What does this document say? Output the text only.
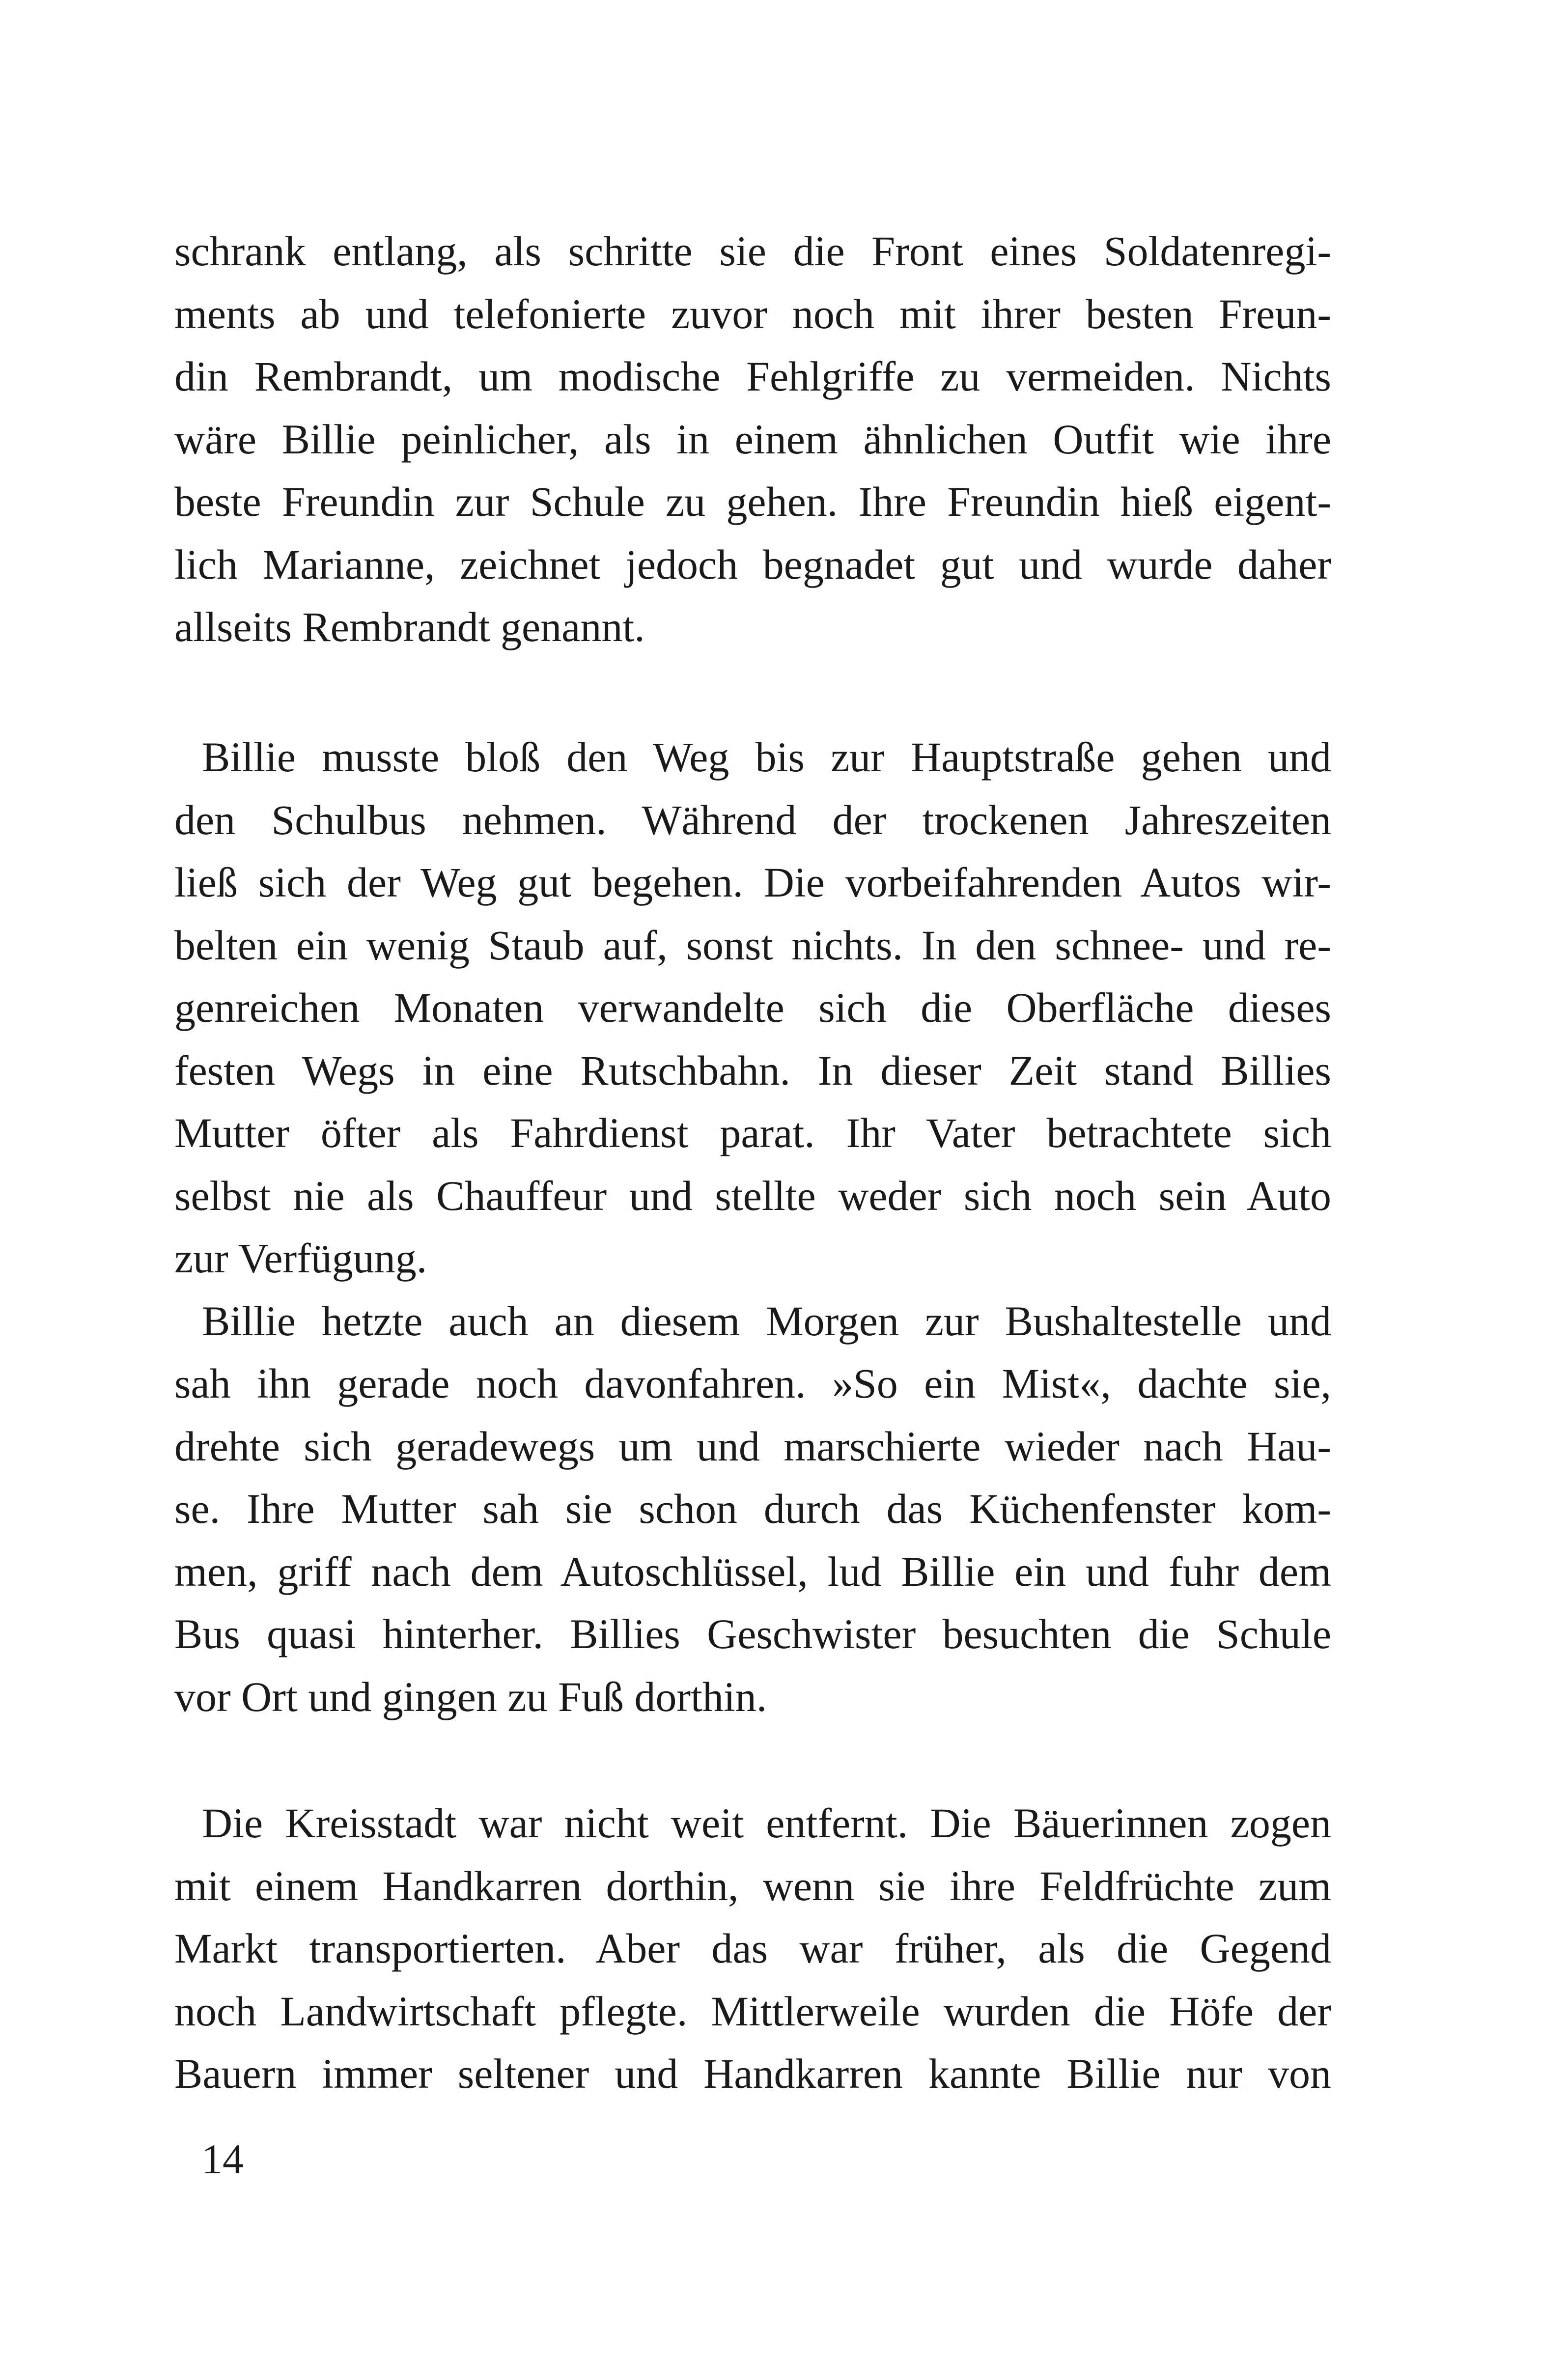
schrank entlang, als schritte sie die Front eines Soldatenregi-
ments ab und telefonierte zuvor noch mit ihrer besten Freun-
din Rembrandt, um modische Fehlgriffe zu vermeiden. Nichts
wäre Billie peinlicher, als in einem ähnlichen Outfit wie ihre
beste Freundin zur Schule zu gehen. Ihre Freundin hieß eigent-
lich Marianne, zeichnet jedoch begnadet gut und wurde daher
allseits Rembrandt genannt.

Billie musste bloß den Weg bis zur Hauptstraße gehen und
den Schulbus nehmen. Während der trockenen Jahreszeiten
ließ sich der Weg gut begehen. Die vorbeifahrenden Autos wir-
belten ein wenig Staub auf, sonst nichts. In den schnee- und re-
genreichen Monaten verwandelte sich die Oberfläche dieses
festen Wegs in eine Rutschbahn. In dieser Zeit stand Billies
Mutter öfter als Fahrdienst parat. Ihr Vater betrachtete sich
selbst nie als Chauffeur und stellte weder sich noch sein Auto
zur Verfügung.

Billie hetzte auch an diesem Morgen zur Bushaltestelle und
sah ihn gerade noch davonfahren. »So ein Mist«, dachte sie,
drehte sich geradewegs um und marschierte wieder nach Hau-
se. Ihre Mutter sah sie schon durch das Küchenfenster kom-
men, griff nach dem Autoschlüssel, lud Billie ein und fuhr dem
Bus quasi hinterher. Billies Geschwister besuchten die Schule
vor Ort und gingen zu Fuß dorthin.

Die Kreisstadt war nicht weit entfernt. Die Bäuerinnen zogen
mit einem Handkarren dorthin, wenn sie ihre Feldfrüchte zum
Markt transportierten. Aber das war früher, als die Gegend
noch Landwirtschaft pflegte. Mittlerweile wurden die Höfe der
Bauern immer seltener und Handkarren kannte Billie nur von

14
